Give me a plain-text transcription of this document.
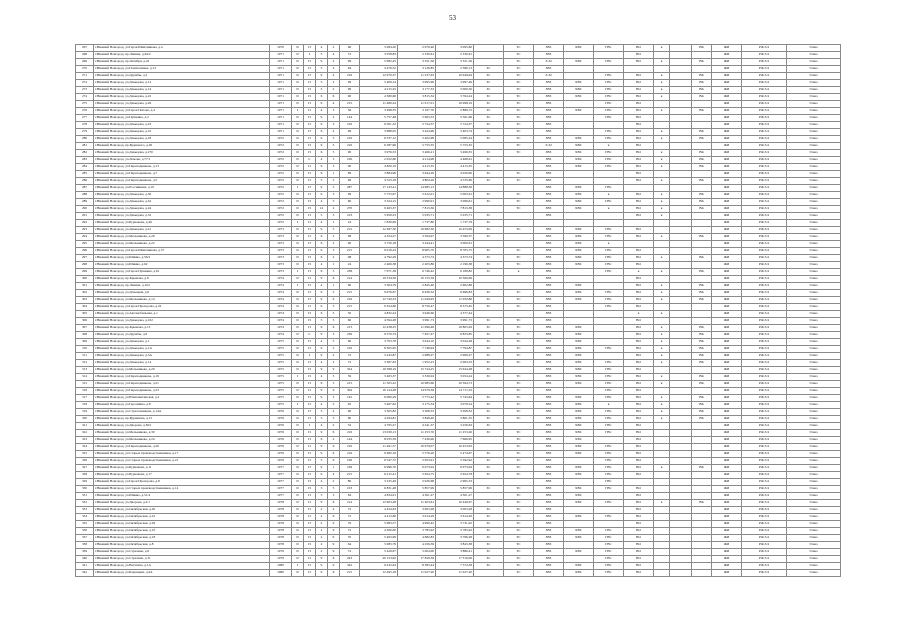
53
267	г.Нижний Новгород, ул.Героя Шнитникова, д.4	1970	II	П	4	2	60	3 284,20	2 970,46	3 095,60		ТС	ЗВЗ	ХВС	ГВС	ВО	в		ВК	ЖИ	РФ-3/4	Глава
268	г.Нижний Новгород, пр.Ленина, д.94/2	1971	II	I	5	4	72	3 058,83	2 330,61	2 330,61		ТС	ЗВЗ			ВО				ЖИ	РФ-3/4	Глава
269	г.Нижний Новгород, пр.Октября, д.22	1971	II	П	9	2	99	5 082,45	3 351,56	3 351,56		ТС	Э-32	ХВС	ГВС	ВО	в		ВК	ЖИ	РФ-3/4	Глава
270	г.Нижний Новгород, ул.Политехника, д.13	1971	II	П	5	4	64	4 476,52	3 126,85	2 580,13	ЗС	ТС	ЗВЗ							ЖИ	РФ-3/4	Глава
271	г.Нижний Новгород, ул.Дружбы, д.2	1971	II	П	9	4	216	12 970,37	11 237,63	10 949,64	ЗС	ТС	Э-32		ГВС	ВО	в		ВК	ЖИ	РФ-3/4	Глава
272	г.Нижний Новгород, ул.Давыдова, д.12	1971	II	П	5	2	99	5 409,14	3 995,96	3 997,46	ЗС	ТС	ЗВЗ	ХВС	ГВС	ВО	в		ВК	ЖИ	РФ-3/4	Глава
273	г.Нижний Новгород, ул.Давыдова, д.14	1971	II	П	5	2	99	4 215,25	3 177,33	3 000,50	ЗС	ТС	ЗВЗ	ХВС	ГВС	ВО	в		ВК	ЖИ	РФ-3/4	Глава
274	г.Нижний Новгород, ул.Давыдова, д.22	1971	II	П	6	6	90	4 580,60	3 815,34	3 764,24	ЗС	ТС	ЗВЗ	ХВС	ГВС	ВО	в		ВК	ЖИ	РФ-3/4	Глава
275	г.Нижний Новгород, ул.Давыдова, д.26	1971	II	П	9	4	215	11 480,24	11 017,01	10 998,19	ЗС	ТС	ЗВЗ		ГВС	ВО				ЖИ	РФ-3/4	Глава
276	г.Нижний Новгород, ул.Героя Попова, д.4	1971	I	П	4	3	56	3 498,35	3 167,70	2 889,72	ТС	ТС	ЗВЗ	ХВС	ГВС	ВО	в		ВК	ЖИ	РФ-3/4	Глава
277	г.Нижний Новгород, ул.Пушкина, д.2	1971	II	П	9	2	144	5 757,48	5 603,53	5 561,69	ЗС	ТС	ЗВЗ		ГВС	ВО				ЖИ	РФ-3/4	Глава
278	г.Нижний Новгород, ул.Давыдова, д.23	1971	II	П	9	3	216	6 501,32	5 724,37	5 724,37	ЗС	ТС	ЗВЗ			ВО				ЖИ	РФ-3/4	Глава
279	г.Нижний Новгород, ул.Давыдова, д.10	1971	II	П	6	4	69	3 988,05	3 424,96	3 403,74	ЗС	ТС	ЗВЗ		ГВС	ВО	в		ВК	ЖИ	РФ-3/4	Глава
280	г.Нижний Новгород, ул.Давыдова, д.18	1972	II	П	9	5	216	6 337,12	5 402,98	5 085,24	ЗС	ТС	ЗВЗ	ХВС	ГВС	ВО	в		ВК	ЖИ	РФ-3/4	Глава
281	г.Нижний Новгород, пр.Буденного, д.26	1972	II	П	9	3	216	6 287,96	5 753,35	5 753,35		ТС	Э-32	ХВС	в	ВО				ЖИ	РФ-3/4	Глава
282	г.Нижний Новгород, ул.Давыдова, д.270	1972	II	П	6	5	90	3 976,53	3 466,21	3 499,35	ЗС	ТС	ЗВЗ	ХВС	ГВС	ВО	в		ВК	ЖИ	РФ-3/4	Глава
283	г.Нижний Новгород, ул.Ломова, д.77/1	1972	II	С	4	3	100	2 052,60	4 214,98	4 468,61	ЗС		ЗВЗ	ХВС	ГВС	ВО	в		ВК	ЖИ	РФ-3/4	Глава
284	г.Нижний Новгород, ул.Переходникова, д.13	1972	II	П	6	3	90	4 820,19	4 413,35	4 413,35	ЗС		ЗВЗ	ХВС	ГВС	ВО	в		ВК	ЖИ	РФ-3/4	Глава
285	г.Нижний Новгород, ул.Переходникова, д.7	1972	II	П	6	1	89	3 884,96	3 644,26	4 020,90	ЗС	ТС	ЗВЗ			ВО				ЖИ	РФ-3/4	Глава
286	г.Нижний Новгород, ул.Переходникова, д.5	1972	II	П	5	5	69	4 523,18	4 804,26	4 535,60	ЗС	ТС	ЗВЗ			ВО	в		ВК	ЖИ	РФ-3/4	Глава
287	г.Нижний Новгород, ул.Россиянина, д.19	1972	I	П	9	5	287	17 143,41	14 985,13	14 888,36			ЗВЗ	ХВС	ГВС					ЖИ	РФ-3/4	Глава
288	г.Нижний Новгород, ул.Давыдова, д.30	1972	II	П	9	3	99	5 753,97	5 612,01	5 063,61	ЗС	ТС	ЗВЗ	ХВС	в	ВО	в		ВК	ЖИ	РФ-3/4	Глава
289	г.Нижний Новгород, ул.Давыдова, д.42	1972	II	П	4	5	60	3 324,15	2 990,91	3 099,61	ЗС	ТС	ЗВЗ	ХВС	ГВС	ВО	в		ВК	ЖИ	РФ-3/4	Глава
290	г.Нижний Новгород, ул.Давыдова, д.44	1972	II	П	12	2	270	9 463,37	7 813,36	7 813,38		ТС	ЗВЗ	ХВС	в	ВО	в		ВК	ЖИ	РФ-3/4	Глава
291	г.Нижний Новгород, ул.Давыдова, д.32	1972	II	П	5	3	103	5 659,23	5 035,71	5 035,71	ЗС		ЗВЗ			ВО	в			ЖИ	РФ-3/4	Глава
292	г.Нижний Новгород, ул.Бурнакова, д.46	1972	I	П	4	1	24	1 830,09	1 737,80	1 737,79	ЗС									ЖИ	РФ-3/4	Глава
293	г.Нижний Новгород, ул.Давыдова, д.41	1973	II	П	9	5	215	12 497,50	10 982,30	10 455,09	ЗС	ТС	ЗВЗ	ХВС	ГВС	ВО				ЖИ	РФ-3/4	Глава
294	г.Нижний Новгород, ул.Мельникова, д.26	1973	II	П	6	2	98	4 324,27	3 594,97	3 590,57	ЗС		ЗВЗ	ХВС	ГВС	ВО	в		ВК	ЖИ	РФ-3/4	Глава
295	г.Нижний Новгород, ул.Мельникова, д.22	1973	II	П	6	3	60	3 750,18	3 244,41	3 000,61			ЗВЗ	ХВС	в					ЖИ	РФ-3/4	Глава
296	г.Нижний Новгород, ул.Героя Шнитникова, д.57	1973	II	П	9	3	215	9 916,24	8 905,70	8 705,75	ЗС	ТС	ЗВЗ	ХВС	ГВС	ВО				ЖИ	РФ-3/4	Глава
297	г.Нижний Новгород, ул.Шимко, д.56/2	1973	II	П	6	2	98	4 792,29	4 373,74	4 373,74	ЗС	ТС	ЗВЗ	ХВС	ГВС	ВО	в		ВК	ЖИ	РФ-3/4	Глава
298	г.Нижний Новгород, ул.Шимко, д.62	1973	II	П	4	1	24	2 469,38	2 203,86	2 199,38	ЗС	ТС	ЗВЗ	ХВС	ГВС	ВО				ЖИ	РФ-3/4	Глава
299	г.Нижний Новгород, ул.Героя Пушкина, д.61	1973	I	П	9	5	238	7 971,39	6 746,42	6 189,82	ЗС	в	ЗВЗ		ГВС	в	в		ВК	ЖИ	РФ-3/4	Глава
300	г.Нижний Новгород, пр.Крымова, д.8	1974	II	П	9	6	214	10 534,56	10 155,59	10 360,69			ЗВЗ			ВО				ЖИ	РФ-3/4	Глава
301	г.Нижний Новгород, пр.Ленина, д.104	1974	I	П	4	1	60	3 304,79	2 845,40	2 602,89			ЗВЗ	ХВС		ВО	в		ВК	ЖИ	РФ-3/4	Глава
302	г.Нижний Новгород, ул.Донецкая, д.6	1974	II	П	9	5	215	9 976,67	6 636,52	6 696,83	ЗС	ТС	ЗВЗ	ХВС	ГВС	ВО	в		ВК	ЖИ	РФ-3/4	Глава
303	г.Нижний Новгород, ул.Мельникова, д.14	1974	II	П	9	6	216	12 740,33	11 049,93	11 050,86	ЗС	ТС	ЗВЗ	ХВС	ГВС	ВО	в		ВК	ЖИ	РФ-3/4	Глава
304	г.Нижний Новгород, ул.Героя Прохорова, д.22	1974	II	П	9	5	215	9 354,66	8 750,47	8 373,45	ЗС	ТС	ЗВЗ		ГВС	ВО				ЖИ	РФ-3/4	Глава
305	г.Нижний Новгород, ул.Автомобильная, д.1	1974	II	П	6	5	50	4 832,24	3 946,66	4 377,44			ЗВЗ			в	в			ЖИ	РФ-3/4	Глава
306	г.Нижний Новгород, ул.Давыдова, д.102	1974	II	П	5	3	60	4 594,28	3 991,73	3 991,73	ЗС	ТС	ЗВЗ			ВО				ЖИ	РФ-3/4	Глава
307	г.Нижний Новгород, пр.Крымова, д.13	1974	II	П	9	6	213	12 438,25	11 096,48	10 805,29	ЗС	ТС	ЗВЗ	ХВС		ВО	в		ВК	ЖИ	РФ-3/4	Глава
308	г.Нижний Новгород, ул.Дружбы, д.6	1974	II	С	9	3	236	9 370,74	7 657,47	6 853,85	ЗС	ТС	ЗВЗ	ХВС		ВО	в		ВК	ЖИ	РФ-3/4	Глава
309	г.Нижний Новгород, ул.Давыдова, д.1	1975	II	П	4	5	60	3 703,78	3 044,10	3 044,28	ЗС	ТС	ЗВЗ	ХВС		ВО	в		ВК	ЖИ	РФ-3/4	Глава
310	г.Нижний Новгород, ул.Давыдова, д.1А	1975	II	П	9	5	216	8 305,65	7 748,94	7 794,87	ЗС	ТС	ЗВЗ	ХВС	ГВС	ВО	в		ВК	ЖИ	РФ-3/4	Глава
311	г.Нижний Новгород, ул.Давыдова, д.5А	1975	II	I	9	2	72	3 243,87	2 988,27	2 969,27	ЗС	ТС	ЗВЗ	ХВС		ВО	в		ВК	ЖИ	РФ-3/4	Глава
312	г.Нижний Новгород, ул.Давыдова, д.14	1975	II	П	4	2	72	3 367,63	1 952,23	2 063,33	ЗС	ТС	ЗВЗ	ХВС	ГВС	ВО	в		ВК	ЖИ	РФ-3/4	Глава
313	г.Нижний Новгород, ул.Мельникова, д.20	1975	II	П	9	9	324	16 398,19	15 744,25	15 944,28	ЗС		ЗВЗ	ХВС	ГВС	ВО				ЖИ	РФ-3/4	Глава
314	г.Нижний Новгород, ул.Переходникова, д.19	1975	I	П	4	3	59	3 463,37	3 330,04	3 054,24	ЗС	ТС	ЗВЗ	ХВС	ГВС	ВО	в		ВК	ЖИ	РФ-3/4	Глава
315	г.Нижний Новгород, ул.Переходникова, д.21	1975	II	П	9	5	215	11 505,22	10 985,60	10 394,73		ТС	ЗВЗ	ХВС	ГВС	ВО	в		ВК	ЖИ	РФ-3/4	Глава
316	г.Нижний Новгород, ул.Переходникова, д.23	1975	II	П	9	9	304	16 124,28	14 979,39	14 711,33		ТС	ЗВЗ		ГВС	ВО				ЖИ	РФ-3/4	Глава
317	г.Нижний Новгород, ул.Южновитинская, д.2	1975	II	П	9	3	145	6 060,29	5 773,42	5 743,64	ЗС	ТС	ЗВЗ	ХВС	ГВС	ВО	в		ВК	ЖИ	РФ-3/4	Глава
318	г.Нижний Новгород, ул.Героцпина, д.8	1975	I	П	4	5	65	3 467,62	3 175,34	3 079,54	ЗС	ТС	ЗВЗ	ХВС	в	ВО	в		ВК	ЖИ	РФ-3/4	Глава
319	г.Нижний Новгород, ул.Стрелочникова, д.14А	1976	II	П	5	4	60	3 305,82	3 208,33	3 208,32	ЗС	ТС	ЗВЗ	ХВС	ГВС	ВО	в		ВК	ЖИ	РФ-3/4	Глава
320	г.Нижний Новгород, пр.Бурнакова, д.15	1976	II	П	5	5	60	4 294,81	3 849,40	3 861,35	ЗС	ТС	ЗВЗ	ХВС	ГВС	ВО	в		ВК	ЖИ	РФ-3/4	Глава
321	г.Нижний Новгород, ул.Дворова, д.36/1	1976	II	I	4	2	32	4 765,27	4 241,37	3 256,63	ЗС		ЗВЗ	ХВС	ГВС	ВО				ЖИ	РФ-3/4	Глава
322	г.Нижний Новгород, ул.Мельникова, д.30	1976	II	П	9	6	216	13 030,13	11 253,70	11 253,26	ЗС	ТС	ЗВЗ	ХВС	ГВС	ВО				ЖИ	РФ-3/4	Глава
323	г.Нижний Новгород, ул.Мельникова, д.24	1976	II	П	6	2	144	8 035,59	7 436,96	7 666,95		ТС	ЗВЗ	ХВС		ВО				ЖИ	РФ-3/4	Глава
324	г.Нижний Новгород, ул.Переходникова, д.20	1976	II	П	9	9	216	11 491,57	10 979,07	10 453,63		ТС	ЗВЗ	ХВС	ГВС	ВО				ЖИ	РФ-3/4	Глава
325	г.Нижний Новгород, ул.Старых производственников, д.17	1976	II	П	9	6	216	9 482,16	5 576,20	5 474,67	ЗС	ТС	ЗВЗ	ХВС	ГВС	ВО				ЖИ	РФ-3/4	Глава
326	г.Нижний Новгород, ул.Старых производственников, д.21	1976	II	П	5	9	106	6 547,72	5 653,91	5 592,92	ЗС	ТС	ЗВЗ		ГВС	ВО				ЖИ	РФ-3/4	Глава
327	г.Нижний Новгород, ул.Бурнакова, д.11	1977	II	П	9	1	169	6 996,70	6 073,04	6 073,04	ЗС	ТС	ЗВЗ	ХВС	ГВС	ВО	в		ВК	ЖИ	РФ-3/4	Глава
328	г.Нижний Новгород, ул.Бурнакова, д.17	1977	II	П	9	4	215	6 215,41	5 654,75	5 654,78	ЗС	ТС	ЗВЗ	ХВС	ГВС	ВО				ЖИ	РФ-3/4	Глава
329	г.Нижний Новгород, ул.Героя Прохорова, д.8	1977	II	П	4	2	80	3 235,49	2 926,68	2 965,33			ЗВЗ		ГВС					ЖИ	РФ-3/4	Глава
330	г.Нижний Новгород, ул.Старых производственников, д.14	1977	II	П	5	5	103	6 831,48	5 857,99	5 857,99	ЗС	ТС	ЗВЗ	ХВС	ГВС	ВО				ЖИ	РФ-3/4	Глава
331	г.Нижний Новгород, ул.Шимко, д.51/4	1977	II	П	5	3	84	4 834,01	4 301,27	4 301,27		ТС	ЗВЗ	ХВС		ВО				ЖИ	РФ-3/4	Глава
332	г.Нижний Новгород, ул.Дворова, д.2/1	1978	II	П	9	6	214	12 903,28	11 403,61	10 446,67	ЗС	ТС	ЗВЗ	ХВС	ГВС	ВО	в		ВК	ЖИ	РФ-3/4	Глава
333	г.Нижний Новгород, ул.Октябрьская, д.20	1978	II	П	2	4	72	4 454,63	3 003,28	3 003,28	ЗС	ТС	ЗВЗ			ВО				ЖИ	РФ-3/4	Глава
334	г.Нижний Новгород, ул.Октябрьская, д.22	1978	II	П	2	9	72	4 413,60	3 614,29	3 614,29	ЗС	ТС	ЗВЗ	ХВС	ГВС	ВО				ЖИ	РФ-3/4	Глава
335	г.Нижний Новгород, ул.Октябрьская, д.26	1978	II	П	2	9	76	5 983,57	4 990,42	3 731,02	ЗС	ТС	ЗВЗ			ВО				ЖИ	РФ-3/4	Глава
336	г.Нижний Новгород, ул.Октябрьская, д.10	1978	II	П	2	9	72	4 300,00	3 785,92	3 785,92	ЗС	ТС	ЗВЗ	ХВС	ГВС	ВО				ЖИ	РФ-3/4	Глава
337	г.Нижний Новгород, ул.Октябрьская, д.18	1978	II	П	2	9	70	5 463,99	4 682,83	3 796,28	ЗС	ТС	ЗВЗ	ХВС	ГВС	ВО				ЖИ	РФ-3/4	Глава
338	г.Нижний Новгород, ул.Октябрьская, д.8	1978	II	П	2	9	64	5 083,79	4 256,39	3 843,38	ЗС	ТС	ЗВЗ		ГВС	ВО				ЖИ	РФ-3/4	Глава
339	г.Нижний Новгород, ул.Стрелина, д.6	1979	II	П	2	9	72	5 429,07	5 004,00	3 886,41	ЗС	ТС	ЗВЗ	ХВС	ГВС	ВО				ЖИ	РФ-3/4	Глава
340	г.Нижний Новгород, ул.Стрелина, д.31	1979	II	П	9	6	243	20 153,92	17 826,39	17 310,06	ЗС	ТС	ЗВЗ		ГВС	ВО				ЖИ	РФ-3/4	Глава
341	г.Нижний Новгород, ул.Ватагина, д.1А	1980	I	П	9	9	342	9 432,04	8 383,44	7 574,58	ЗС	ТС	ЗВЗ	ХВС	ГВС	ВО				ЖИ	РФ-3/4	Глава
342	г.Нижний Новгород, ул.Баренцева, д.4А	1980	II	П	9	6	215	12 495,18	11 027,20	11 027,20		ТС	ЗВЗ	ХВС	ГВС	ВО				ЖИ	РФ-3/4	Глава
